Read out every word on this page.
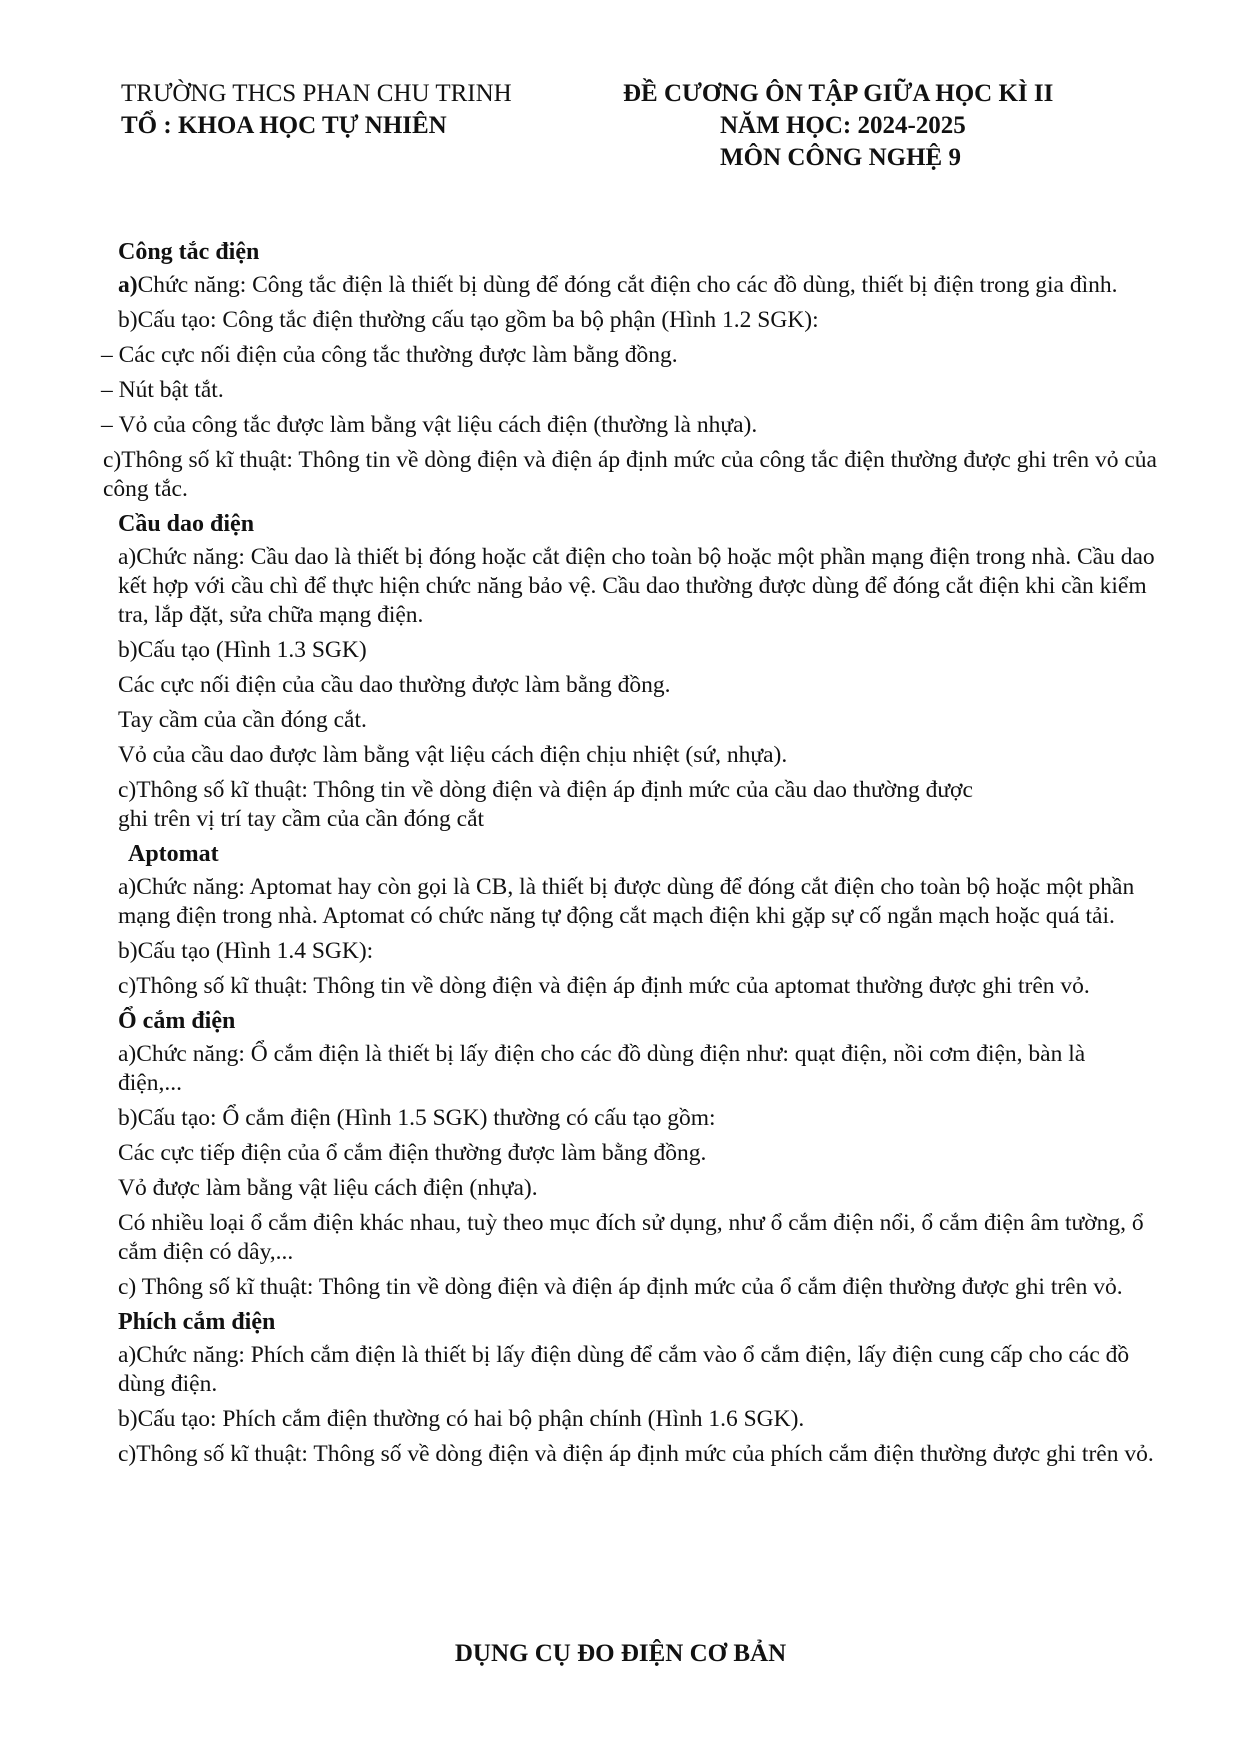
TRƯỜNG THCS PHAN CHU TRINH
TỔ : KHOA HỌC TỰ NHIÊN
ĐỀ CƯƠNG ÔN TẬP GIỮA HỌC KÌ II
NĂM HỌC: 2024-2025
MÔN CÔNG NGHỆ 9
Công tắc điện
a)Chức năng: Công tắc điện là thiết bị dùng để đóng cắt điện cho các đồ dùng, thiết bị điện trong gia đình.
b)Cấu tạo: Công tắc điện thường cấu tạo gồm ba bộ phận (Hình 1.2 SGK):
– Các cực nối điện của công tắc thường được làm bằng đồng.
– Nút bật tắt.
– Vỏ của công tắc được làm bằng vật liệu cách điện (thường là nhựa).
c)Thông số kĩ thuật: Thông tin về dòng điện và điện áp định mức của công tắc điện thường được ghi trên vỏ của công tắc.
Cầu dao điện
a)Chức năng: Cầu dao là thiết bị đóng hoặc cắt điện cho toàn bộ hoặc một phần mạng điện trong nhà. Cầu dao kết hợp với cầu chì để thực hiện chức năng bảo vệ. Cầu dao thường được dùng để đóng cắt điện khi cần kiểm tra, lắp đặt, sửa chữa mạng điện.
b)Cấu tạo (Hình 1.3 SGK)
Các cực nối điện của cầu dao thường được làm bằng đồng.
Tay cầm của cần đóng cắt.
Vỏ của cầu dao được làm bằng vật liệu cách điện chịu nhiệt (sứ, nhựa).
c)Thông số kĩ thuật: Thông tin về dòng điện và điện áp định mức của cầu dao thường được ghi trên vị trí tay cầm của cần đóng cắt
Aptomat
a)Chức năng: Aptomat hay còn gọi là CB, là thiết bị được dùng để đóng cắt điện cho toàn bộ hoặc một phần mạng điện trong nhà. Aptomat có chức năng tự động cắt mạch điện khi gặp sự cố ngắn mạch hoặc quá tải.
b)Cấu tạo (Hình 1.4 SGK):
c)Thông số kĩ thuật: Thông tin về dòng điện và điện áp định mức của aptomat thường được ghi trên vỏ.
Ổ cắm điện
a)Chức năng: Ổ cắm điện là thiết bị lấy điện cho các đồ dùng điện như: quạt điện, nồi cơm điện, bàn là điện,...
b)Cấu tạo: Ổ cắm điện (Hình 1.5 SGK) thường có cấu tạo gồm:
Các cực tiếp điện của ổ cắm điện thường được làm bằng đồng.
Vỏ được làm bằng vật liệu cách điện (nhựa).
Có nhiều loại ổ cắm điện khác nhau, tuỳ theo mục đích sử dụng, như ổ cắm điện nổi, ổ cắm điện âm tường, ổ cắm điện có dây,...
c) Thông số kĩ thuật: Thông tin về dòng điện và điện áp định mức của ổ cắm điện thường được ghi trên vỏ.
Phích cắm điện
a)Chức năng: Phích cắm điện là thiết bị lấy điện dùng để cắm vào ổ cắm điện, lấy điện cung cấp cho các đồ dùng điện.
b)Cấu tạo: Phích cắm điện thường có hai bộ phận chính (Hình 1.6 SGK).
c)Thông số kĩ thuật: Thông số về dòng điện và điện áp định mức của phích cắm điện thường được ghi trên vỏ.
DỤNG CỤ ĐO ĐIỆN CƠ BẢN
